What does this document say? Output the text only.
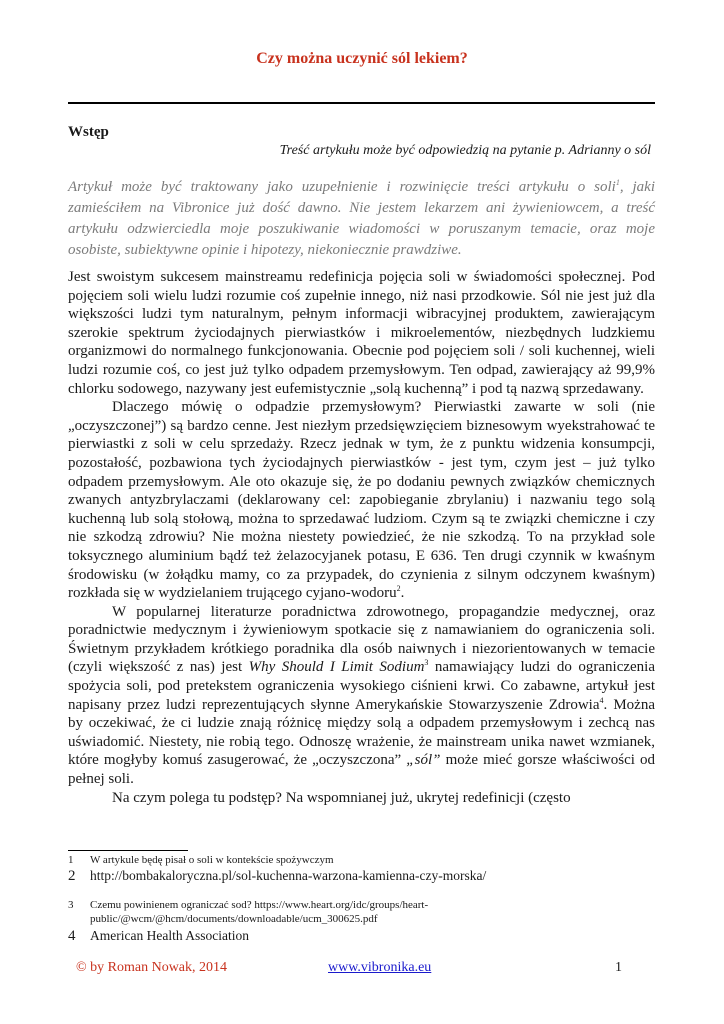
Czy można uczynić sól lekiem?
Wstęp
Treść artykułu może być odpowiedzią na pytanie p. Adrianny o sól
Artykuł może być traktowany jako uzupełnienie i rozwinięcie treści artykułu o soli$^1$, jaki zamieściłem na Vibronice już dość dawno. Nie jestem lekarzem ani żywieniowcem, a treść artykułu odzwierciedla moje poszukiwanie wiadomości w poruszanym temacie, oraz moje osobiste, subiektywne opinie i hipotezy, niekoniecznie prawdziwe.

Jest swoistym sukcesem mainstreamu redefinicja pojęcia soli w świadomości społecznej. Pod pojęciem soli wielu ludzi rozumie coś zupełnie innego, niż nasi przodkowie. Sól nie jest już dla większości ludzi tym naturalnym, pełnym informacji wibracyjnej produktem, zawierającym szerokie spektrum życiodajnych pierwiastków i mikroelementów, niezbędnych ludzkiemu organizmowi do normalnego funkcjonowania. Obecnie pod pojęciem soli / soli kuchennej, wieli ludzi rozumie coś, co jest już tylko odpadem przemysłowym. Ten odpad, zawierający aż 99,9% chlorku sodowego, nazywany jest eufemistycznie „solą kuchenną” i pod tą nazwą sprzedawany.

Dlaczego mówię o odpadzie przemysłowym? Pierwiastki zawarte w soli (nie „oczyszczonej”) są bardzo cenne. Jest niezłym przedsięwzięciem biznesowym wyekstrahować te pierwiastki z soli w celu sprzedaży. Rzecz jednak w tym, że z punktu widzenia konsumpcji, pozostałość, pozbawiona tych życiodajnych pierwiastków - jest tym, czym jest – już tylko odpadem przemysłowym. Ale oto okazuje się, że po dodaniu pewnych związków chemicznych zwanych antyzbrylaczami (deklarowany cel: zapobieganie zbrylaniu) i nazwaniu tego solą kuchenną lub solą stołową, można to sprzedawać ludziom. Czym są te związki chemiczne i czy nie szkodzą zdrowiu? Nie można niestety powiedzieć, że nie szkodzą. To na przykład sole toksycznego aluminium bądź też żelazocyjanek potasu, E 636. Ten drugi czynnik w kwaśnym środowisku (w żołądku mamy, co za przypadek, do czynienia z silnym odczynem kwaśnym) rozkłada się w wydzielaniem trującego cyjano-wodoru$^2$.

W popularnej literaturze poradnictwa zdrowotnego, propagandzie medycznej, oraz poradnictwie medycznym i żywieniowym spotkacie się z namawianiem do ograniczenia soli. Świetnym przykładem krótkiego poradnika dla osób naiwnych i niezorientowanych w temacie (czyli większość z nas) jest Why Should I Limit Sodium$^3$ namawiający ludzi do ograniczenia spożycia soli, pod pretekstem ograniczenia wysokiego ciśnieni krwi. Co zabawne, artykuł jest napisany przez ludzi reprezentujących słynne Amerykańskie Stowarzyszenie Zdrowia$^4$. Można by oczekiwać, że ci ludzie znają różnicę między solą a odpadem przemysłowym i zechcą nas uświadomić. Niestety, nie robią tego. Odnoszę wrażenie, że mainstream unika nawet wzmianek, które mogłyby komuś zasugerować, że „oczyszczona” „sól” może mieć gorsze właściwości od pełnej soli.

Na czym polega tu podstęp? Na wspomnianej już, ukrytej redefinicji (często

1 W artykule będę pisał o soli w kontekście spożywczym
2 http://bombakaloryczna.pl/sol-kuchenna-warzona-kamienna-czy-morska/
3 Czemu powinienem ograniczać sod? https://www.heart.org/idc/groups/heart-public/@wcm/@hcm/documents/downloadable/ucm_300625.pdf
4 American Health Association
© by Roman Nowak, 2014	www.vibronika.eu	1
